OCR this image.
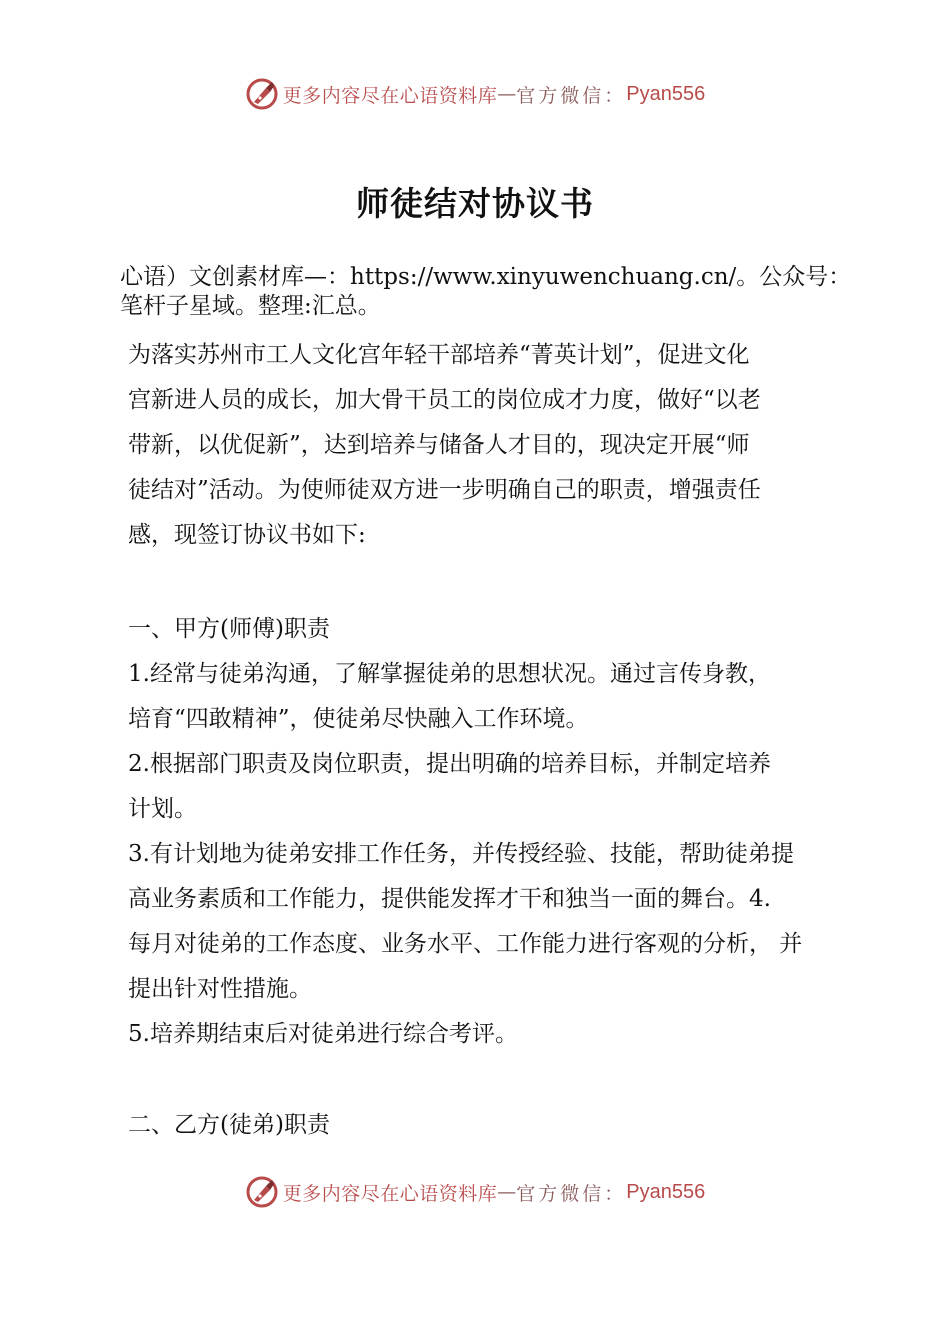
更多内容尽在心语资料库 — 官方微信： Pyan556
师徒结对协议书
心语）文创素材库—：https://www.xinyuwenchuang.cn/。公众号：
笔杆子星域。整理:汇总。
为落实苏州市工人文化宫年轻干部培养“菁英计划”，促进文化
宫新进人员的成长，加大骨干员工的岗位成才力度，做好“以老
带新，以优促新”，达到培养与储备人才目的，现决定开展“师
徒结对”活动。为使师徒双方进一步明确自己的职责，增强责任
感，现签订协议书如下:
一、甲方(师傅)职责
1.经常与徒弟沟通，了解掌握徒弟的思想状况。通过言传身教，
培育“四敢精神”，使徒弟尽快融入工作环境。
2.根据部门职责及岗位职责，提出明确的培养目标，并制定培养
计划。
3.有计划地为徒弟安排工作任务，并传授经验、技能，帮助徒弟提
高业务素质和工作能力，提供能发挥才干和独当一面的舞台。4.
每月对徒弟的工作态度、业务水平、工作能力进行客观的分析， 并
提出针对性措施。
5.培养期结束后对徒弟进行综合考评。
二、乙方(徒弟)职责
更多内容尽在心语资料库 — 官方微信： Pyan556
